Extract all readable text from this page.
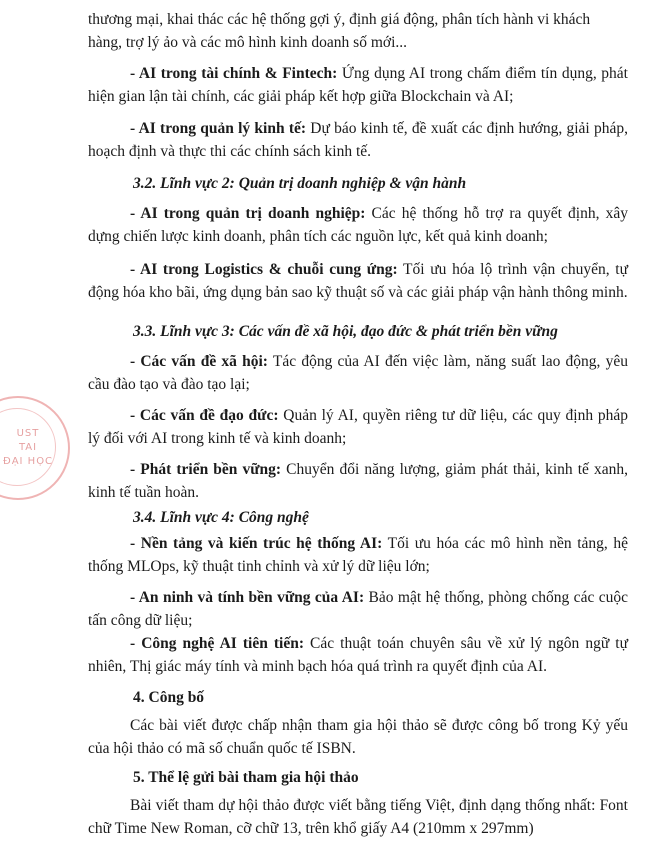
UST
TAI
ĐẠI HỌC

thương mại, khai thác các hệ thống gợi ý, định giá động, phân tích hành vi khách

hàng, trợ lý ảo và các mô hình kinh doanh số mới...

- AI trong tài chính & Fintech: Ứng dụng AI trong chấm điểm tín dụng, phát hiện gian lận tài chính, các giải pháp kết hợp giữa Blockchain và AI;

- AI trong quản lý kinh tế: Dự báo kinh tế, đề xuất các định hướng, giải pháp, hoạch định và thực thi các chính sách kinh tế.

3.2. Lĩnh vực 2: Quản trị doanh nghiệp & vận hành

- AI trong quản trị doanh nghiệp: Các hệ thống hỗ trợ ra quyết định, xây dựng chiến lược kinh doanh, phân tích các nguồn lực, kết quả kinh doanh;

- AI trong Logistics & chuỗi cung ứng: Tối ưu hóa lộ trình vận chuyển, tự động hóa kho bãi, ứng dụng bản sao kỹ thuật số và các giải pháp vận hành thông minh.

3.3. Lĩnh vực 3: Các vấn đề xã hội, đạo đức & phát triển bền vững

- Các vấn đề xã hội: Tác động của AI đến việc làm, năng suất lao động, yêu cầu đào tạo và đào tạo lại;

- Các vấn đề đạo đức: Quản lý AI, quyền riêng tư dữ liệu, các quy định pháp lý đối với AI trong kinh tế và kinh doanh;

- Phát triển bền vững: Chuyển đổi năng lượng, giảm phát thải, kinh tế xanh, kinh tế tuần hoàn.

3.4. Lĩnh vực 4: Công nghệ

- Nền tảng và kiến trúc hệ thống AI: Tối ưu hóa các mô hình nền tảng, hệ thống MLOps, kỹ thuật tinh chỉnh và xử lý dữ liệu lớn;

- An ninh và tính bền vững của AI: Bảo mật hệ thống, phòng chống các cuộc tấn công dữ liệu;

- Công nghệ AI tiên tiến: Các thuật toán chuyên sâu về xử lý ngôn ngữ tự nhiên, Thị giác máy tính và minh bạch hóa quá trình ra quyết định của AI.

4. Công bố

Các bài viết được chấp nhận tham gia hội thảo sẽ được công bố trong Kỷ yếu của hội thảo có mã số chuẩn quốc tế ISBN.

5. Thể lệ gửi bài tham gia hội thảo

Bài viết tham dự hội thảo được viết bằng tiếng Việt, định dạng thống nhất: Font chữ Time New Roman, cỡ chữ 13, trên khổ giấy A4 (210mm x 297mm)
